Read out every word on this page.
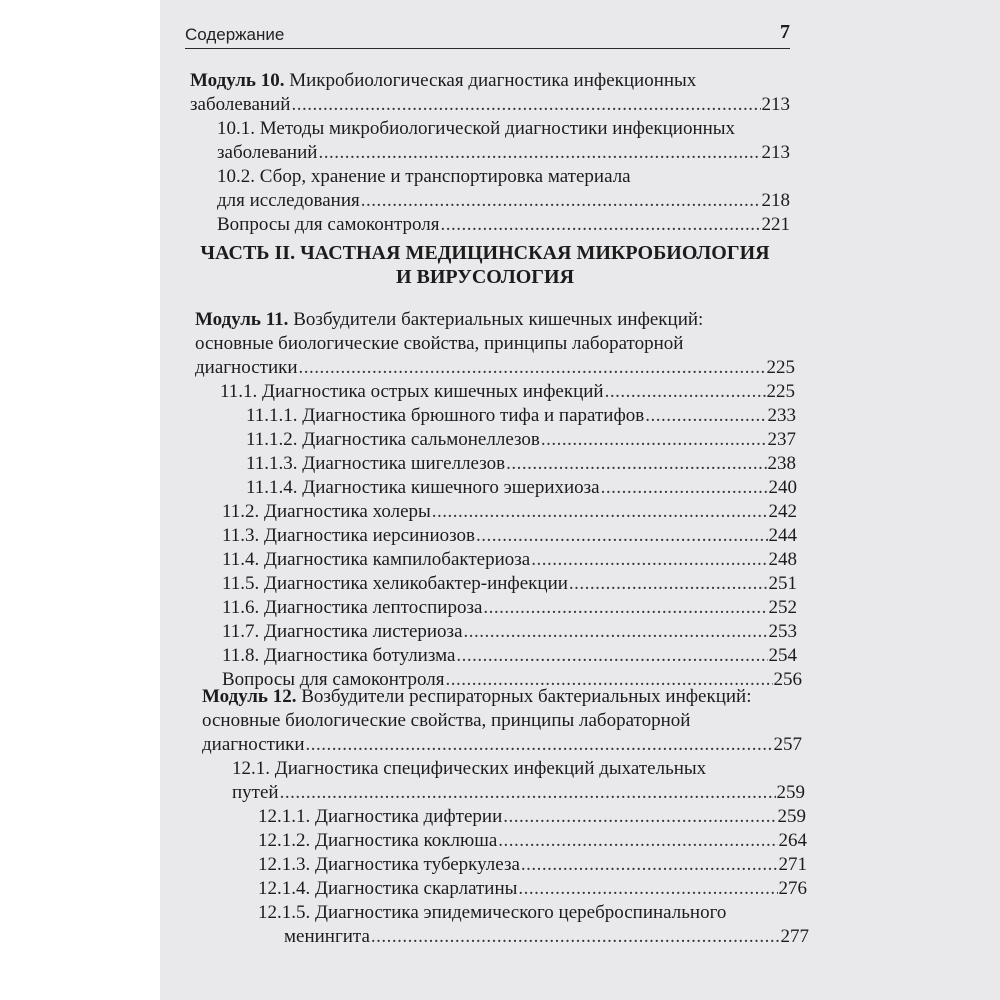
Содержание	7
Модуль 10. Микробиологическая диагностика инфекционных
заболеваний .....	213
10.1. Методы микробиологической диагностики инфекционных
заболеваний .....	213
10.2. Сбор, хранение и транспортировка материала
для исследования .....	218
Вопросы для самоконтроля .....	221
ЧАСТЬ II. ЧАСТНАЯ МЕДИЦИНСКАЯ МИКРОБИОЛОГИЯ
И ВИРУСОЛОГИЯ
Модуль 11. Возбудители бактериальных кишечных инфекций:
основные биологические свойства, принципы лабораторной
диагностики .....	225
11.1. Диагностика острых кишечных инфекций .....	225
11.1.1. Диагностика брюшного тифа и паратифов .....	233
11.1.2. Диагностика сальмонеллезов .....	237
11.1.3. Диагностика шигеллезов .....	238
11.1.4. Диагностика кишечного эшерихиоза .....	240
11.2. Диагностика холеры .....	242
11.3. Диагностика иерсиниозов .....	244
11.4. Диагностика кампилобактериоза .....	248
11.5. Диагностика хеликобактер-инфекции .....	251
11.6. Диагностика лептоспироза .....	252
11.7. Диагностика листериоза .....	253
11.8. Диагностика ботулизма .....	254
Вопросы для самоконтроля .....	256
Модуль 12. Возбудители респираторных бактериальных инфекций:
основные биологические свойства, принципы лабораторной
диагностики .....	257
12.1. Диагностика специфических инфекций дыхательных
путей .....	259
12.1.1. Диагностика дифтерии .....	259
12.1.2. Диагностика коклюша .....	264
12.1.3. Диагностика туберкулеза .....	271
12.1.4. Диагностика скарлатины .....	276
12.1.5. Диагностика эпидемического цереброспинального
менингита .....	277
